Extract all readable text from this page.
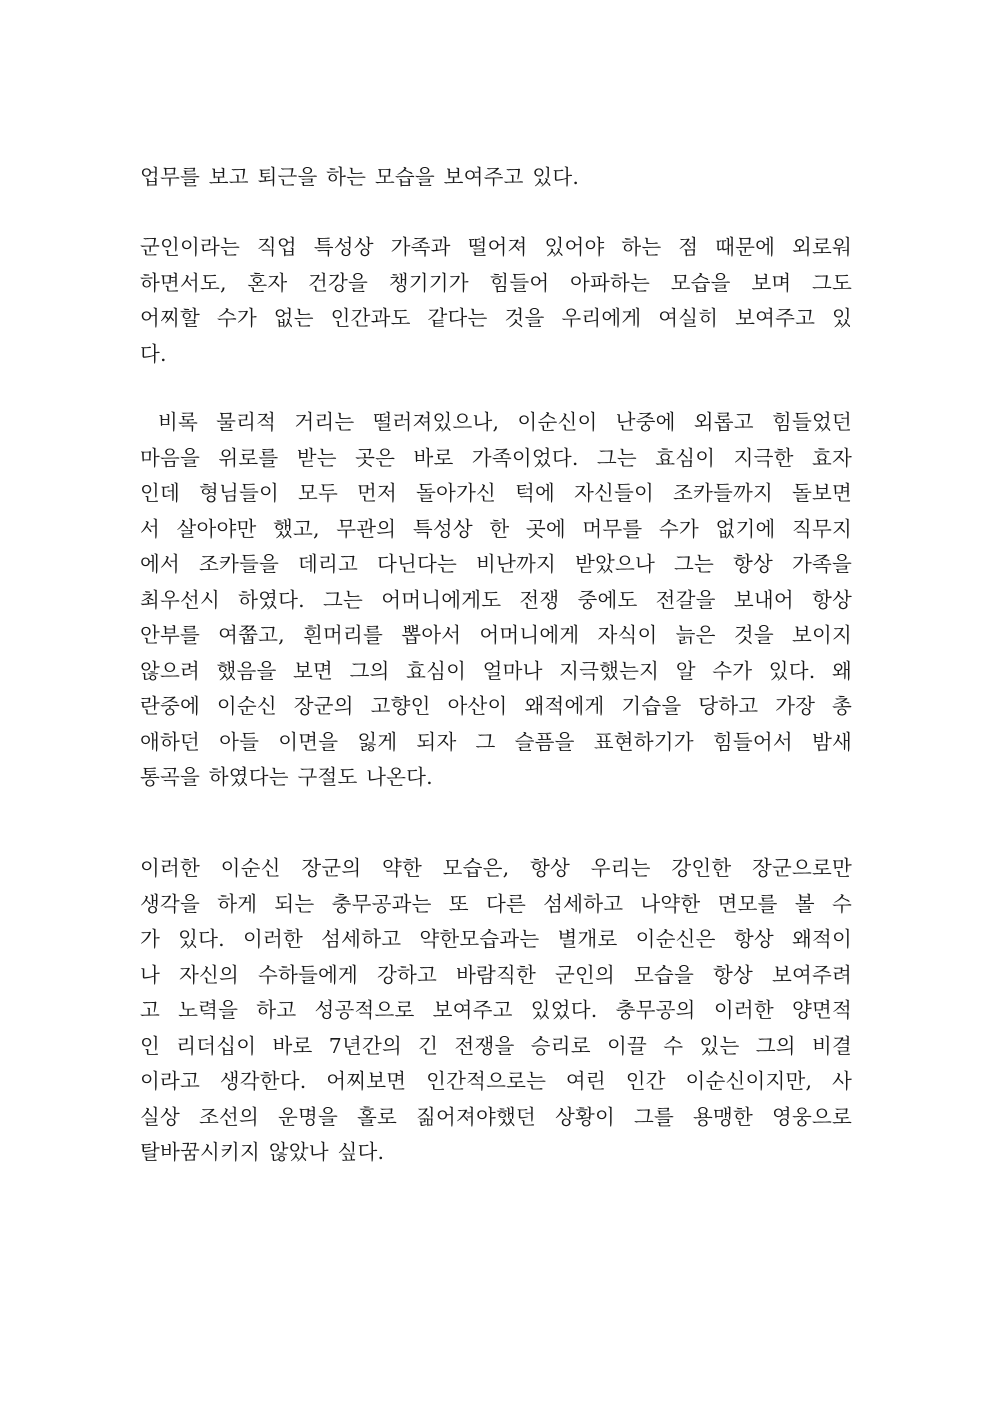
업무를 보고 퇴근을 하는 모습을 보여주고 있다.
군인이라는 직업 특성상 가족과 떨어져 있어야 하는 점 때문에 외로워
하면서도, 혼자 건강을 챙기기가 힘들어 아파하는 모습을 보며 그도
어찌할 수가 없는 인간과도 같다는 것을 우리에게 여실히 보여주고 있
다.
비록 물리적 거리는 떨러져있으나, 이순신이 난중에 외롭고 힘들었던
마음을 위로를 받는 곳은 바로 가족이었다. 그는 효심이 지극한 효자
인데 형님들이 모두 먼저 돌아가신 턱에 자신들이 조카들까지 돌보면
서 살아야만 했고, 무관의 특성상 한 곳에 머무를 수가 없기에 직무지
에서 조카들을 데리고 다닌다는 비난까지 받았으나 그는 항상 가족을
최우선시 하였다. 그는 어머니에게도 전쟁 중에도 전갈을 보내어 항상
안부를 여쭙고, 흰머리를 뽑아서 어머니에게 자식이 늙은 것을 보이지
않으려 했음을 보면 그의 효심이 얼마나 지극했는지 알 수가 있다. 왜
란중에 이순신 장군의 고향인 아산이 왜적에게 기습을 당하고 가장 총
애하던 아들 이면을 잃게 되자 그 슬픔을 표현하기가 힘들어서 밤새
통곡을 하였다는 구절도 나온다.
이러한 이순신 장군의 약한 모습은, 항상 우리는 강인한 장군으로만
생각을 하게 되는 충무공과는 또 다른 섬세하고 나약한 면모를 볼 수
가 있다. 이러한 섬세하고 약한모습과는 별개로 이순신은 항상 왜적이
나 자신의 수하들에게 강하고 바람직한 군인의 모습을 항상 보여주려
고 노력을 하고 성공적으로 보여주고 있었다. 충무공의 이러한 양면적
인 리더십이 바로 7년간의 긴 전쟁을 승리로 이끌 수 있는 그의 비결
이라고 생각한다. 어찌보면 인간적으로는 여린 인간 이순신이지만, 사
실상 조선의 운명을 홀로 짊어져야했던 상황이 그를 용맹한 영웅으로
탈바꿈시키지 않았나 싶다.
